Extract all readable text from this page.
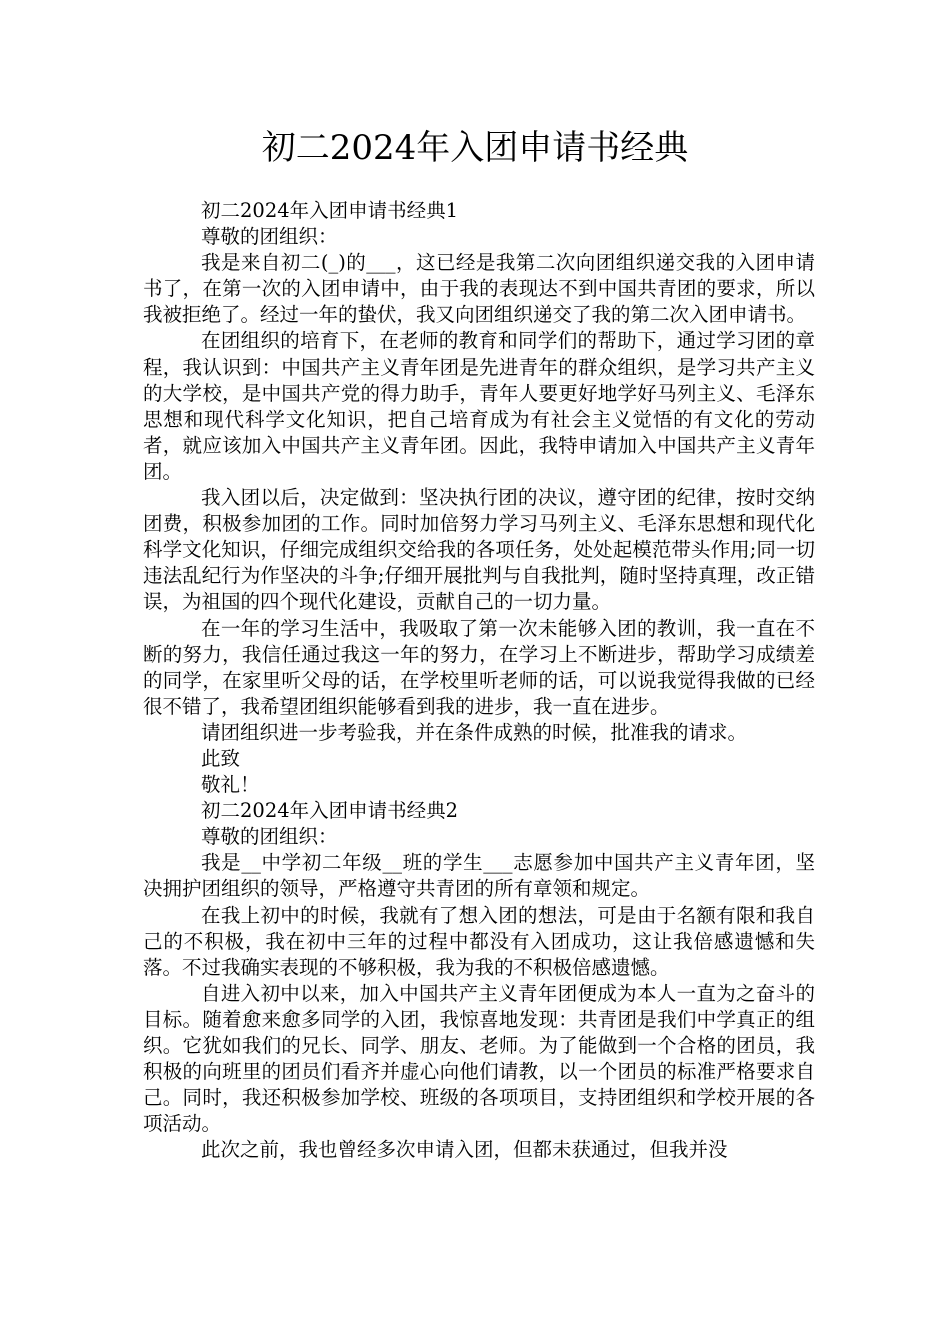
初二2024年入团申请书经典

初二2024年入团申请书经典1

尊敬的团组织：

我是来自初二(_)的___，这已经是我第二次向团组织递交我的入团申请书了，在第一次的入团申请中，由于我的表现达不到中国共青团的要求，所以我被拒绝了。经过一年的蛰伏，我又向团组织递交了我的第二次入团申请书。

在团组织的培育下，在老师的教育和同学们的帮助下，通过学习团的章程，我认识到：中国共产主义青年团是先进青年的群众组织，是学习共产主义的大学校，是中国共产党的得力助手，青年人要更好地学好马列主义、毛泽东思想和现代科学文化知识，把自己培育成为有社会主义觉悟的有文化的劳动者，就应该加入中国共产主义青年团。因此，我特申请加入中国共产主义青年团。

我入团以后，决定做到：坚决执行团的决议，遵守团的纪律，按时交纳团费，积极参加团的工作。同时加倍努力学习马列主义、毛泽东思想和现代化科学文化知识，仔细完成组织交给我的各项任务，处处起模范带头作用;同一切违法乱纪行为作坚决的斗争;仔细开展批判与自我批判，随时坚持真理，改正错误，为祖国的四个现代化建设，贡献自己的一切力量。

在一年的学习生活中，我吸取了第一次未能够入团的教训，我一直在不断的努力，我信任通过我这一年的努力，在学习上不断进步，帮助学习成绩差的同学，在家里听父母的话，在学校里听老师的话，可以说我觉得我做的已经很不错了，我希望团组织能够看到我的进步，我一直在进步。

请团组织进一步考验我，并在条件成熟的时候，批准我的请求。

此致

敬礼！

初二2024年入团申请书经典2

尊敬的团组织：

我是__中学初二年级__班的学生___志愿参加中国共产主义青年团，坚决拥护团组织的领导，严格遵守共青团的所有章领和规定。

在我上初中的时候，我就有了想入团的想法，可是由于名额有限和我自己的不积极，我在初中三年的过程中都没有入团成功，这让我倍感遗憾和失落。不过我确实表现的不够积极，我为我的不积极倍感遗憾。

自进入初中以来，加入中国共产主义青年团便成为本人一直为之奋斗的目标。随着愈来愈多同学的入团，我惊喜地发现：共青团是我们中学真正的组织。它犹如我们的兄长、同学、朋友、老师。为了能做到一个合格的团员，我积极的向班里的团员们看齐并虚心向他们请教，以一个团员的标准严格要求自己。同时，我还积极参加学校、班级的各项项目，支持团组织和学校开展的各项活动。

此次之前，我也曾经多次申请入团，但都未获通过，但我并没
